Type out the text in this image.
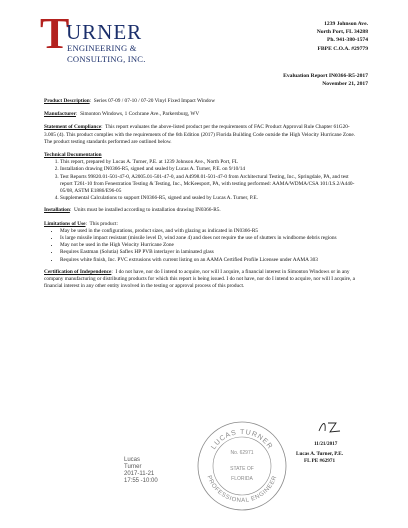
T
URNER
ENGINEERING &
CONSULTING, INC.
1239 Johnson Ave.
North Port, FL 34288
Ph. 941-380-1574
FBPE C.O.A. #29779
Evaluation Report IN0366-R5-2017
November 21, 2017

Product Description:  Series 07-09 / 07-10 / 07-20 Vinyl Fixed Impact Window

Manufacturer:  Simonton Windows, 1 Cochrane Ave., Parkersburg, WV

Statement of Compliance:  This report evaluates the above-listed product per the requirements of FAC Product Approval Rule Chapter 61G20-3.005 (4). This product complies with the requirements of the 6th Edition (2017) Florida Building Code outside the High Velocity Hurricane Zone. The product testing standards performed are outlined below.

Technical Documentation
1. This report, prepared by Lucas A. Turner, P.E. at 1239 Johnson Ave., North Port, FL
2. Installation drawing IN0366-R5, signed and sealed by Lucas A. Turner, P.E. on 9/10/14
3. Test Reports 99820.01-501-47-0, A2005.01-501-47-0, and A4998.01-501-47-0 from Architectural Testing, Inc., Springdale, PA, and test report T261-10 from Fenestration Testing & Testing, Inc., McKeesport, PA, with testing performed: AAMA/WDMA/CSA 101/I.S.2/A440-05/08, ASTM E1886/E96-05
4. Supplemental Calculations to support IN0366-R5, signed and sealed by Lucas A. Turner, P.E.

Installation:  Units must be installed according to installation drawing IN0366-R5.

Limitations of Use:  This product:
• May be used in the configurations, product sizes, and with glazing as indicated in IN0366-R5
• Is large missile impact resistant (missile level D, wind zone 4) and does not require the use of shutters in windborne debris regions
• May not be used in the High Velocity Hurricane Zone
• Requires Eastman (Solutia) Saflex HP PVB interlayer in laminated glass
• Requires white finish, Inc. PVC extrusions with current listing on an AAMA Certified Profile Licensee under AAMA 303

Certification of Independence:  I do not have, nor do I intend to acquire, nor will I acquire, a financial interest in Simonton Windows or in any company manufacturing or distributing products for which this report is being issued. I do not have, nor do I intend to acquire, nor will I acquire, a financial interest in any other entity involved in the testing or approval process of this product.

Lucas
Turner
2017-11-21
17:55 -10:00
LUCAS TURNER
PROFESSIONAL ENGINEER
No. 62971
STATE OF
FLORIDA
11/21/2017
Lucas A. Turner, P.E.
FL PE #62971
